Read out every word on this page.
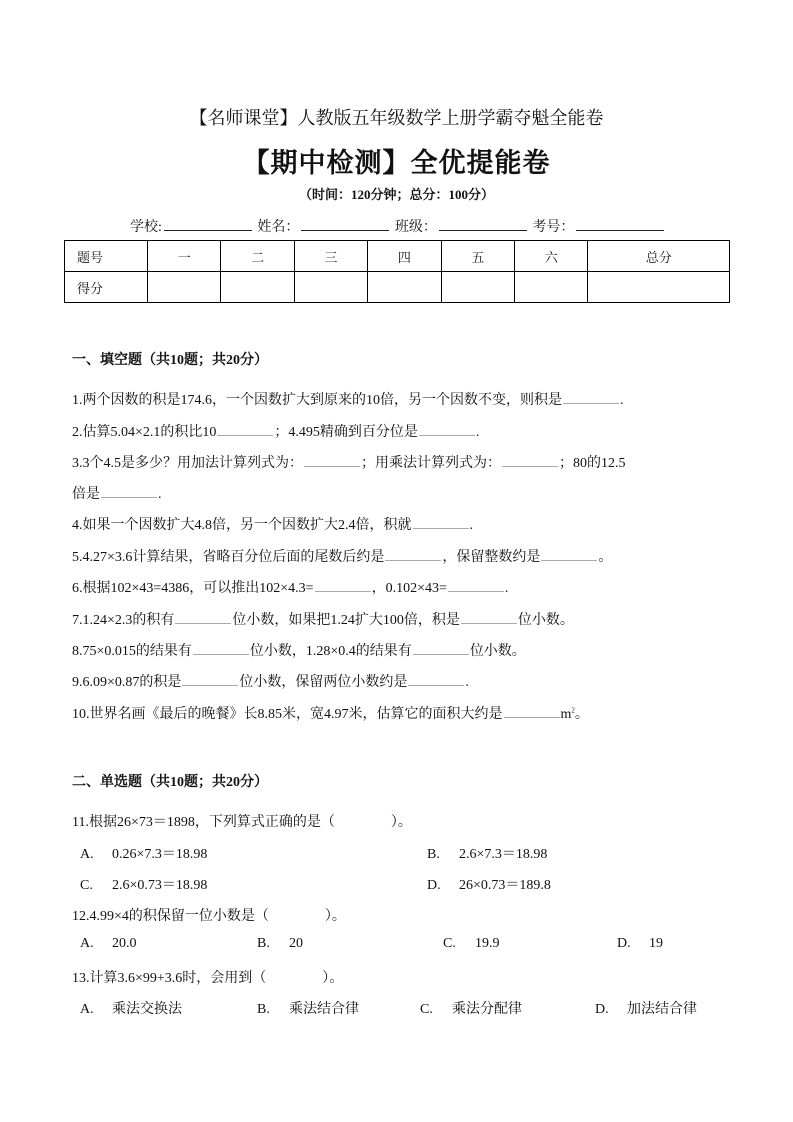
【名师课堂】人教版五年级数学上册学霸夺魁全能卷
【期中检测】全优提能卷
（时间：120分钟；总分：100分）
学校:	姓名：	班级：	考号：
题号	一	二	三	四	五	六	总分
得分							
一、填空题（共10题；共20分）
1.两个因数的积是174.6，一个因数扩大到原来的10倍，另一个因数不变，则积是	.
2.估算5.04×2.1的积比10	；4.495精确到百分位是	.
3.3个4.5是多少？用加法计算列式为：	；用乘法计算列式为：	；80的12.5
倍是	.
4.如果一个因数扩大4.8倍，另一个因数扩大2.4倍，积就	.
5.4.27×3.6计算结果，省略百分位后面的尾数后约是	，保留整数约是	。
6.根据102×43=4386，可以推出102×4.3=	，0.102×43=	.
7.1.24×2.3的积有	位小数，如果把1.24扩大100倍，积是	位小数。
8.75×0.015的结果有	位小数，1.28×0.4的结果有	位小数。
9.6.09×0.87的积是	位小数，保留两位小数约是	.
10.世界名画《最后的晚餐》长8.85米，宽4.97米，估算它的面积大约是	$m^2$。
二、单选题（共10题；共20分）
11.根据26×73＝1898，下列算式正确的是（　　　　）。
A. 0.26×7.3＝18.98	B. 2.6×7.3＝18.98
C. 2.6×0.73＝18.98	D. 26×0.73＝189.8
12.4.99×4的积保留一位小数是（　　　　）。
A. 20.0	B. 20	C. 19.9	D. 19
13.计算3.6×99+3.6时，会用到（　　　　）。
A. 乘法交换法	B. 乘法结合律	C. 乘法分配律	D. 加法结合律
